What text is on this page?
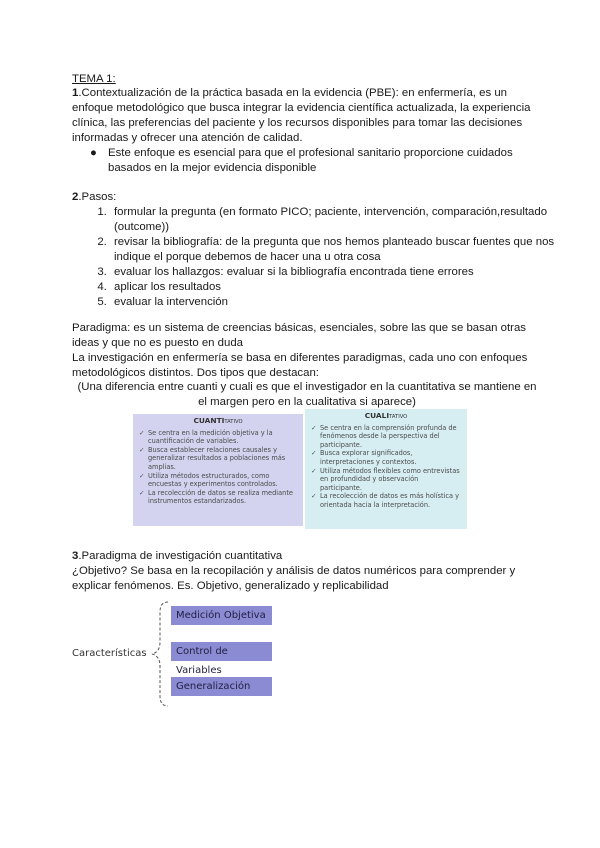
TEMA 1:
1.Contextualización de la práctica basada en la evidencia (PBE): en enfermería, es un enfoque metodológico que busca integrar la evidencia científica actualizada, la experiencia clínica, las preferencias del paciente y los recursos disponibles para tomar las decisiones informadas y ofrecer una atención de calidad.
● Este enfoque es esencial para que el profesional sanitario proporcione cuidados basados en la mejor evidencia disponible
2.Pasos:
1. formular la pregunta (en formato PICO; paciente, intervención, comparación,resultado (outcome))
2. revisar la bibliografía: de la pregunta que nos hemos planteado buscar fuentes que nos indique el porque debemos de hacer una u otra cosa
3. evaluar los hallazgos: evaluar si la bibliografía encontrada tiene errores
4. aplicar los resultados
5. evaluar la intervención
Paradigma: es un sistema de creencias básicas, esenciales, sobre las que se basan otras ideas y que no es puesto en duda
La investigación en enfermería se basa en diferentes paradigmas, cada uno con enfoques metodológicos distintos. Dos tipos que destacan:
(Una diferencia entre cuanti y cuali es que el investigador en la cuantitativa se mantiene en el margen pero en la cualitativa si aparece)
CUANTITATIVO
✓ Se centra en la medición objetiva y la cuantificación de variables.
✓ Busca establecer relaciones causales y generalizar resultados a poblaciones más amplias.
✓ Utiliza métodos estructurados, como encuestas y experimentos controlados.
✓ La recolección de datos se realiza mediante instrumentos estandarizados.
CUALITATIVO
✓ Se centra en la comprensión profunda de fenómenos desde la perspectiva del participante.
✓ Busca explorar significados, interpretaciones y contextos.
✓ Utiliza métodos flexibles como entrevistas en profundidad y observación participante.
✓ La recolección de datos es más holística y orientada hacia la interpretación.
3.Paradigma de investigación cuantitativa
¿Objetivo? Se basa en la recopilación y análisis de datos numéricos para comprender y explicar fenómenos. Es. Objetivo, generalizado y replicabilidad
Características
Medición Objetiva
Control de Variables
Generalización
